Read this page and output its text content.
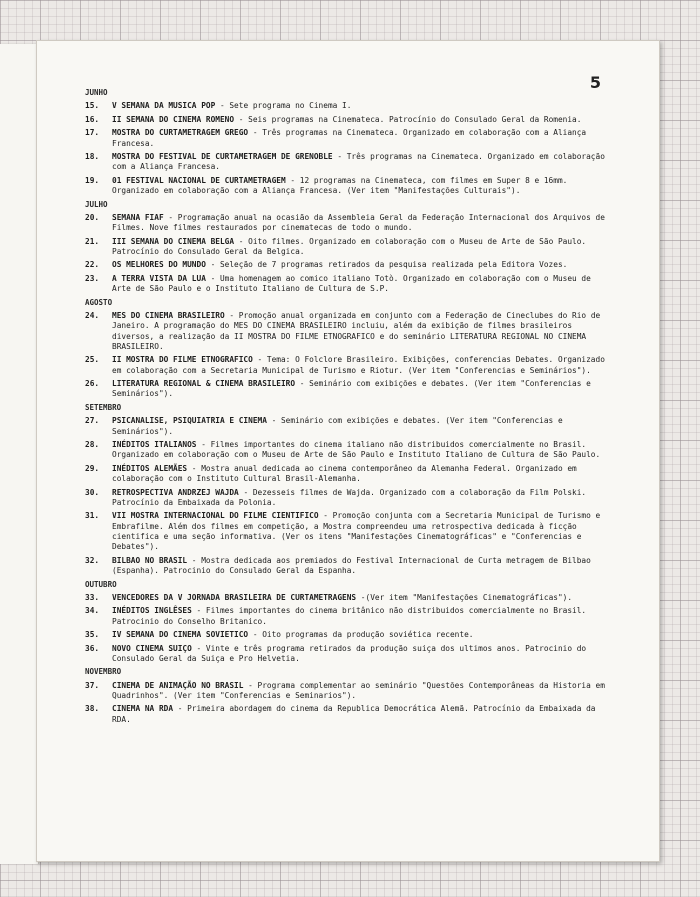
5
JUNHO
15.	V SEMANA DA MUSICA POP - Sete programa no Cinema I.
16.	II SEMANA DO CINEMA ROMENO - Seis programas na Cinemateca. Patrocínio do Consulado Geral da Romenia.
17.	MOSTRA DO CURTAMETRAGEM GREGO - Três programas na Cinemateca. Organizado em colaboração com a Aliança Francesa.
18.	MOSTRA DO FESTIVAL DE CURTAMETRAGEM DE GRENOBLE - Três programas na Cinemateca. Organizado em colaboração com a Aliança Francesa.
19.	01 FESTIVAL NACIONAL DE CURTAMETRAGEM - 12 programas na Cinemateca, com filmes em Super 8 e 16mm. Organizado em colaboração com a Aliança Francesa. (Ver item "Manifestações Culturais").
JULHO
20.	SEMANA FIAF - Programação anual na ocasião da Assembleia Geral da Federação Internacional dos Arquivos de Filmes. Nove filmes restaurados por cinematecas de todo o mundo.
21.	III SEMANA DO CINEMA BELGA - Oito filmes. Organizado em colaboração com o Museu de Arte de São Paulo. Patrocínio do Consulado Geral da Belgica.
22.	OS MELHORES DO MUNDO - Seleção de 7 programas retirados da pesquisa realizada pela Editora Vozes.
23.	A TERRA VISTA DA LUA - Uma homenagem ao comico italiano Totò. Organizado em colaboração com o Museu de Arte de São Paulo e o Instituto Italiano de Cultura de S.P.
AGOSTO
24.	MES DO CINEMA BRASILEIRO - Promoção anual organizada em conjunto com a Federação de Cineclubes do Rio de Janeiro. A programação do MES DO CINEMA BRASILEIRO incluiu, além da exibição de filmes brasileiros diversos, a realização da II MOSTRA DO FILME ETNOGRAFICO e do seminário LITERATURA REGIONAL NO CINEMA BRASILEIRO.
25.	II MOSTRA DO FILME ETNOGRAFICO - Tema: O Folclore Brasileiro. Exibições, conferencias Debates. Organizado em colaboração com a Secretaria Municipal de Turismo e Riotur. (Ver item "Conferencias e Seminários").
26.	LITERATURA REGIONAL & CINEMA BRASILEIRO - Seminário com exibições e debates. (Ver item "Conferencias e Seminários").
SETEMBRO
27.	PSICANALISE, PSIQUIATRIA E CINEMA - Seminário com exibições e debates. (Ver item "Conferencias e Seminários").
28.	INÉDITOS ITALIANOS - Filmes importantes do cinema italiano não distribuidos comercialmente no Brasil. Organizado em colaboração com o Museu de Arte de São Paulo e Instituto Italiano de Cultura de São Paulo.
29.	INÉDITOS ALEMÃES - Mostra anual dedicada ao cinema contemporâneo da Alemanha Federal. Organizado em colaboração com o Instituto Cultural Brasil-Alemanha.
30.	RETROSPECTIVA ANDRZEJ WAJDA - Dezesseis filmes de Wajda. Organizado com a colaboração da Film Polski. Patrocínio da Embaixada da Polonia.
31.	VII MOSTRA INTERNACIONAL DO FILME CIENTIFICO - Promoção conjunta com a Secretaria Municipal de Turismo e Embrafilme. Além dos filmes em competição, a Mostra compreendeu uma retrospectiva dedicada à ficção cientifica e uma seção informativa. (Ver os itens "Manifestações Cinematográficas" e "Conferencias e Debates").
32.	BILBAO NO BRASIL - Mostra dedicada aos premiados do Festival Internacional de Curta metragem de Bilbao (Espanha). Patrocinio do Consulado Geral da Espanha.
OUTUBRO
33.	VENCEDORES DA V JORNADA BRASILEIRA DE CURTAMETRAGENS -(Ver item "Manifestações Cinematográficas").
34.	INÉDITOS INGLÊSES - Filmes importantes do cinema britânico não distribuidos comercialmente no Brasil. Patrocinio do Conselho Britanico.
35.	IV SEMANA DO CINEMA SOVIETICO - Oito programas da produção soviética recente.
36.	NOVO CINEMA SUIÇO - Vinte e três programa retirados da produção suiça dos ultimos anos. Patrocinio do Consulado Geral da Suiça e Pro Helvetia.
NOVEMBRO
37.	CINEMA DE ANIMAÇÃO NO BRASIL - Programa complementar ao seminário "Questões Contemporâneas da Historia em Quadrinhos". (Ver item "Conferencias e Seminarios").
38.	CINEMA NA RDA - Primeira abordagem do cinema da Republica Democrática Alemã. Patrocínio da Embaixada da RDA.
